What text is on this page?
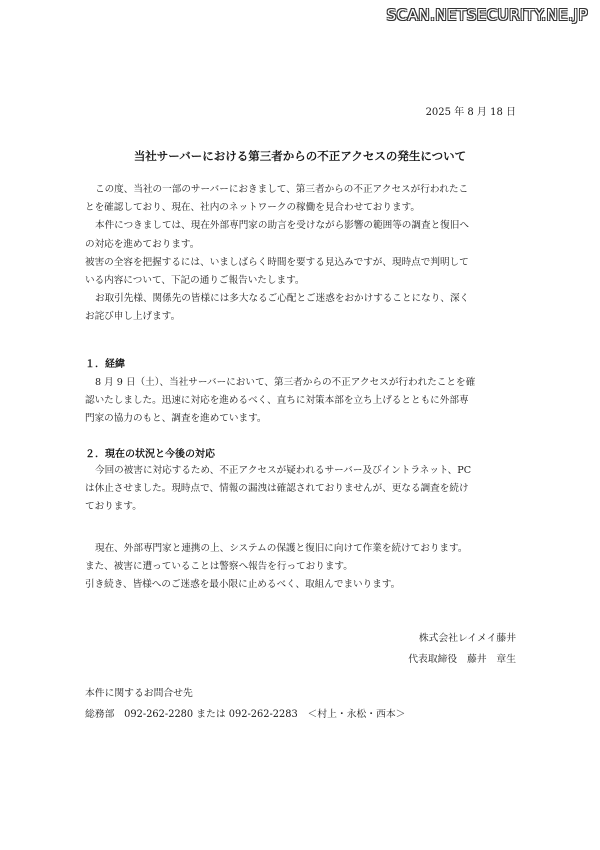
SCAN.NETSECURITY.NE.JP
2025 年 8 月 18 日
当社サーバーにおける第三者からの不正アクセスの発生について
この度、当社の一部のサーバーにおきまして、第三者からの不正アクセスが行われたこ
とを確認しており、現在、社内のネットワークの稼働を見合わせております。
本件につきましては、現在外部専門家の助言を受けながら影響の範囲等の調査と復旧へ
の対応を進めております。
被害の全容を把握するには、いましばらく時間を要する見込みですが、現時点で判明して
いる内容について、下記の通りご報告いたします。
お取引先様、関係先の皆様には多大なるご心配とご迷惑をおかけすることになり、深く
お詫び申し上げます。
１．経緯
8 月 9 日（土）、当社サーバーにおいて、第三者からの不正アクセスが行われたことを確
認いたしました。迅速に対応を進めるべく、直ちに対策本部を立ち上げるとともに外部専
門家の協力のもと、調査を進めています。
２．現在の状況と今後の対応
今回の被害に対応するため、不正アクセスが疑われるサーバー及びイントラネット、PC
は休止させました。現時点で、情報の漏洩は確認されておりませんが、更なる調査を続け
ております。
現在、外部専門家と連携の上、システムの保護と復旧に向けて作業を続けております。
また、被害に遭っていることは警察へ報告を行っております。
引き続き、皆様へのご迷惑を最小限に止めるべく、取組んでまいります。
株式会社レイメイ藤井
代表取締役　藤井　章生
本件に関するお問合せ先
総務部　092-262-2280 または 092-262-2283　＜村上・永松・西本＞
